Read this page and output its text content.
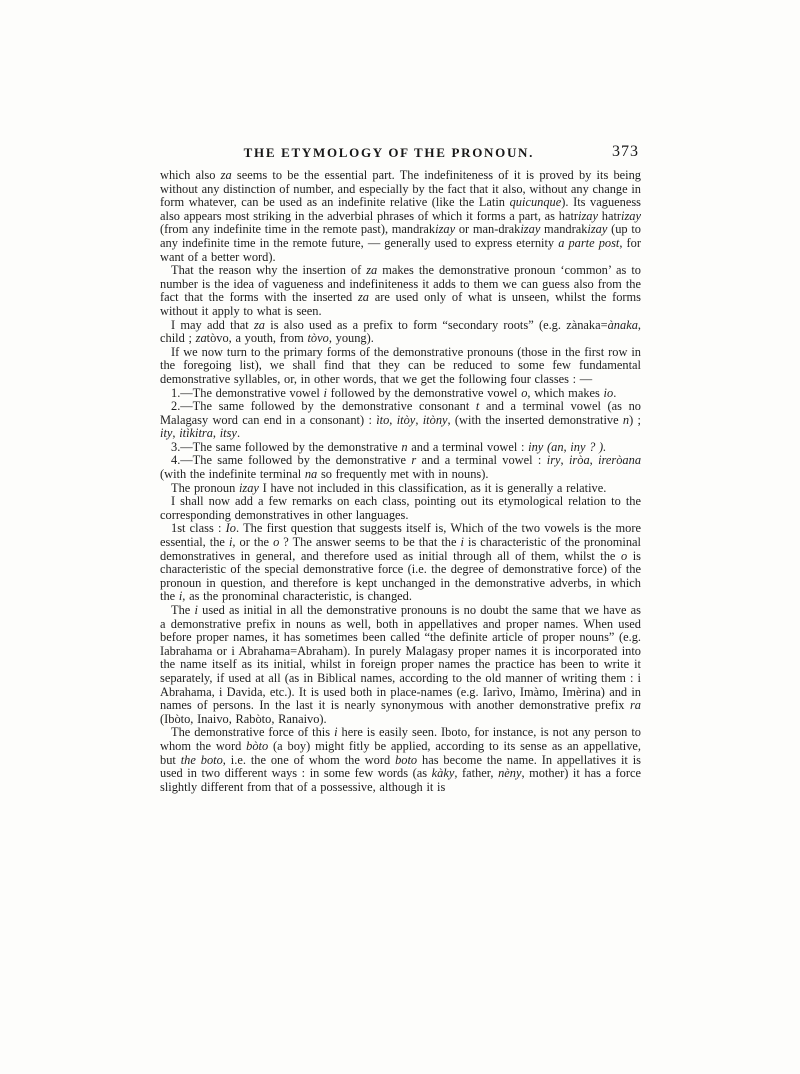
THE ETYMOLOGY OF THE PRONOUN.	373

which also za seems to be the essential part. The indefiniteness of it is proved by its being without any distinction of number, and especially by the fact that it also, without any change in form whatever, can be used as an indefinite relative (like the Latin quicunque). Its vagueness also appears most striking in the adverbial phrases of which it forms a part, as hatrizay hatrizay (from any indefinite time in the remote past), mandrakizay or man-drakizay mandrakizay (up to any indefinite time in the remote future, — generally used to express eternity a parte post, for want of a better word).

That the reason why the insertion of za makes the demonstrative pronoun ‘common’ as to number is the idea of vagueness and indefiniteness it adds to them we can guess also from the fact that the forms with the inserted za are used only of what is unseen, whilst the forms without it apply to what is seen.

I may add that za is also used as a prefix to form “secondary roots” (e.g. zànaka=ànaka, child ; zatòvo, a youth, from tòvo, young).

If we now turn to the primary forms of the demonstrative pronouns (those in the first row in the foregoing list), we shall find that they can be reduced to some few fundamental demonstrative syllables, or, in other words, that we get the following four classes : —

1.—The demonstrative vowel i followed by the demonstrative vowel o, which makes io.

2.—The same followed by the demonstrative consonant t and a terminal vowel (as no Malagasy word can end in a consonant) : ìto, itòy, itòny, (with the inserted demonstrative n) ; ity, itìkitra, itsy.

3.—The same followed by the demonstrative n and a terminal vowel : iny (an, iny ? ).

4.—The same followed by the demonstrative r and a terminal vowel : iry, iròa, ireròana (with the indefinite terminal na so frequently met with in nouns).

The pronoun izay I have not included in this classification, as it is generally a relative.

I shall now add a few remarks on each class, pointing out its etymological relation to the corresponding demonstratives in other languages.

1st class : Io. The first question that suggests itself is, Which of the two vowels is the more essential, the i, or the o ? The answer seems to be that the i is characteristic of the pronominal demonstratives in general, and therefore used as initial through all of them, whilst the o is characteristic of the special demonstrative force (i.e. the degree of demonstrative force) of the pronoun in question, and therefore is kept unchanged in the demonstrative adverbs, in which the i, as the pronominal characteristic, is changed.

The i used as initial in all the demonstrative pronouns is no doubt the same that we have as a demonstrative prefix in nouns as well, both in appellatives and proper names. When used before proper names, it has sometimes been called “the definite article of proper nouns” (e.g. Iabrahama or i Abrahama=Abraham). In purely Malagasy proper names it is incorporated into the name itself as its initial, whilst in foreign proper names the practice has been to write it separately, if used at all (as in Biblical names, according to the old manner of writing them : i Abrahama, i Davida, etc.). It is used both in place-names (e.g. Iarìvo, Imàmo, Imèrina) and in names of persons. In the last it is nearly synonymous with another demonstrative prefix ra (Ibòto, Inaivo, Rabòto, Ranaivo).

The demonstrative force of this i here is easily seen. Iboto, for instance, is not any person to whom the word bòto (a boy) might fitly be applied, according to its sense as an appellative, but the boto, i.e. the one of whom the word boto has become the name. In appellatives it is used in two different ways : in some few words (as kàky, father, nèny, mother) it has a force slightly different from that of a possessive, although it is
